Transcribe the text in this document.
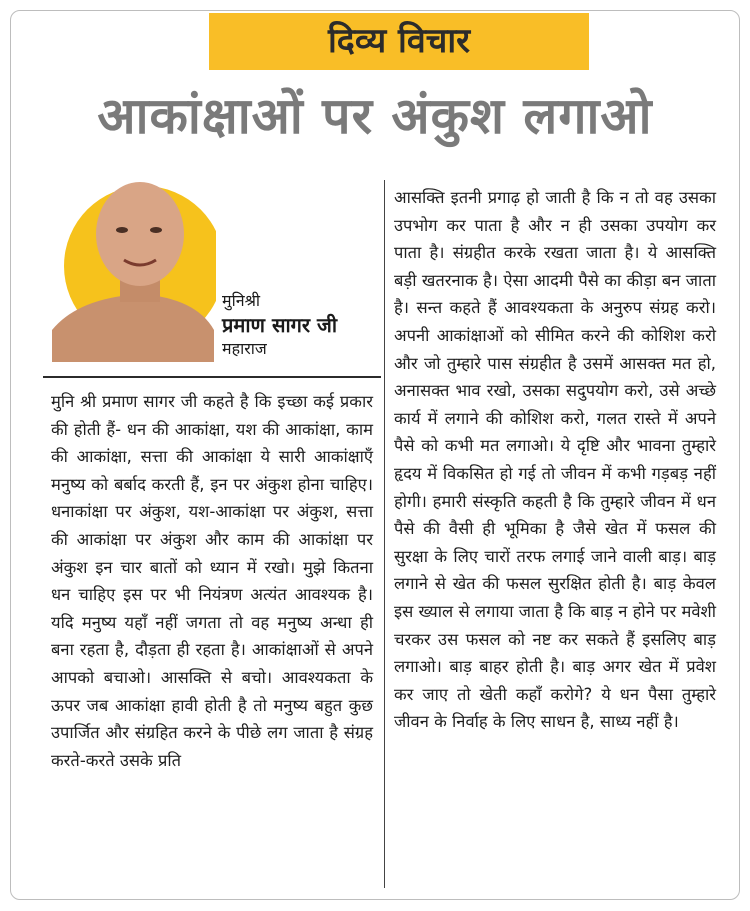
दिव्य विचार
आकांक्षाओं पर अंकुश लगाओ
मुनिश्री
प्रमाण सागर जी
महाराज
मुनि श्री प्रमाण सागर जी कहते है कि इच्छा कई प्रकार की होती हैं- धन की आकांक्षा, यश की आकांक्षा, काम की आकांक्षा, सत्ता की आकांक्षा ये सारी आकांक्षाएँ मनुष्य को बर्बाद करती हैं, इन पर अंकुश होना चाहिए। धनाकांक्षा पर अंकुश, यश-आकांक्षा पर अंकुश, सत्ता की आकांक्षा पर अंकुश और काम की आकांक्षा पर अंकुश इन चार बातों को ध्यान में रखो। मुझे कितना धन चाहिए इस पर भी नियंत्रण अत्यंत आवश्यक है। यदि मनुष्य यहाँ नहीं जगता तो वह मनुष्य अन्धा ही बना रहता है, दौड़ता ही रहता है। आकांक्षाओं से अपने आपको बचाओ। आसक्ति से बचो। आवश्यकता के ऊपर जब आकांक्षा हावी होती है तो मनुष्य बहुत कुछ उपार्जित और संग्रहित करने के पीछे लग जाता है संग्रह करते-करते उसके प्रति
आसक्ति इतनी प्रगाढ़ हो जाती है कि न तो वह उसका उपभोग कर पाता है और न ही उसका उपयोग कर पाता है। संग्रहीत करके रखता जाता है। ये आसक्ति बड़ी खतरनाक है। ऐसा आदमी पैसे का कीड़ा बन जाता है। सन्त कहते हैं आवश्यकता के अनुरुप संग्रह करो। अपनी आकांक्षाओं को सीमित करने की कोशिश करो और जो तुम्हारे पास संग्रहीत है उसमें आसक्त मत हो, अनासक्त भाव रखो, उसका सदुपयोग करो, उसे अच्छे कार्य में लगाने की कोशिश करो, गलत रास्ते में अपने पैसे को कभी मत लगाओ। ये दृष्टि और भावना तुम्हारे हृदय में विकसित हो गई तो जीवन में कभी गड़बड़ नहीं होगी। हमारी संस्कृति कहती है कि तुम्हारे जीवन में धन पैसे की वैसी ही भूमिका है जैसे खेत में फसल की सुरक्षा के लिए चारों तरफ लगाई जाने वाली बाड़। बाड़ लगाने से खेत की फसल सुरक्षित होती है। बाड़ केवल इस ख्याल से लगाया जाता है कि बाड़ न होने पर मवेशी चरकर उस फसल को नष्ट कर सकते हैं इसलिए बाड़ लगाओ। बाड़ बाहर होती है। बाड़ अगर खेत में प्रवेश कर जाए तो खेती कहाँ करोगे? ये धन पैसा तुम्हारे जीवन के निर्वाह के लिए साधन है, साध्य नहीं है।
